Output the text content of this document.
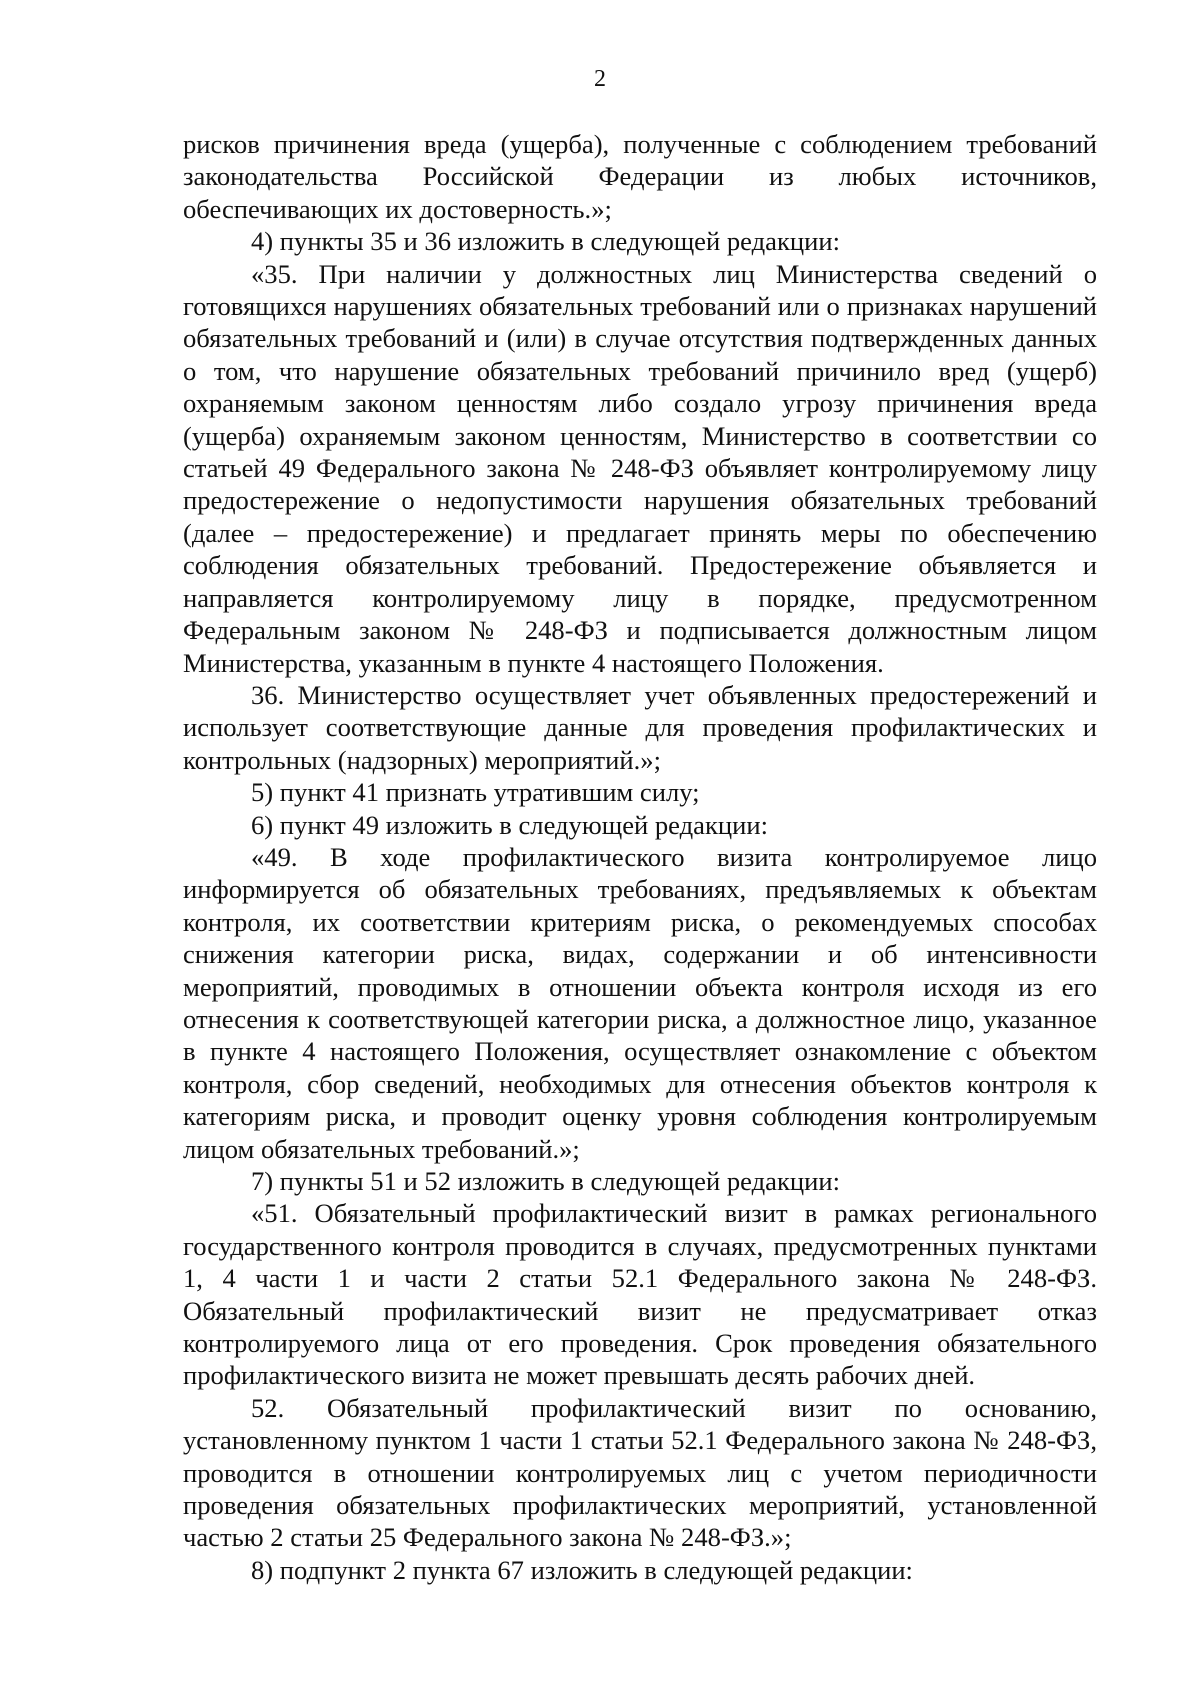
2

рисков причинения вреда (ущерба), полученные с соблюдением требований законодательства Российской Федерации из любых источников, обеспечивающих их достоверность.»;

4) пункты 35 и 36 изложить в следующей редакции:

«35. При наличии у должностных лиц Министерства сведений о готовящихся нарушениях обязательных требований или о признаках нарушений обязательных требований и (или) в случае отсутствия подтвержденных данных о том, что нарушение обязательных требований причинило вред (ущерб) охраняемым законом ценностям либо создало угрозу причинения вреда (ущерба) охраняемым законом ценностям, Министерство в соответствии со статьей 49 Федерального закона № 248-ФЗ объявляет контролируемому лицу предостережение о недопустимости нарушения обязательных требований (далее – предостережение) и предлагает принять меры по обеспечению соблюдения обязательных требований. Предостережение объявляется и направляется контролируемому лицу в порядке, предусмотренном Федеральным законом № 248-ФЗ и подписывается должностным лицом Министерства, указанным в пункте 4 настоящего Положения.

36. Министерство осуществляет учет объявленных предостережений и использует соответствующие данные для проведения профилактических и контрольных (надзорных) мероприятий.»;

5) пункт 41 признать утратившим силу;

6) пункт 49 изложить в следующей редакции:

«49. В ходе профилактического визита контролируемое лицо информируется об обязательных требованиях, предъявляемых к объектам контроля, их соответствии критериям риска, о рекомендуемых способах снижения категории риска, видах, содержании и об интенсивности мероприятий, проводимых в отношении объекта контроля исходя из его отнесения к соответствующей категории риска, а должностное лицо, указанное в пункте 4 настоящего Положения, осуществляет ознакомление с объектом контроля, сбор сведений, необходимых для отнесения объектов контроля к категориям риска, и проводит оценку уровня соблюдения контролируемым лицом обязательных требований.»;

7) пункты 51 и 52 изложить в следующей редакции:

«51. Обязательный профилактический визит в рамках регионального государственного контроля проводится в случаях, предусмотренных пунктами 1, 4 части 1 и части 2 статьи 52.1 Федерального закона № 248-ФЗ. Обязательный профилактический визит не предусматривает отказ контролируемого лица от его проведения. Срок проведения обязательного профилактического визита не может превышать десять рабочих дней.

52. Обязательный профилактический визит по основанию, установленному пунктом 1 части 1 статьи 52.1 Федерального закона № 248-ФЗ, проводится в отношении контролируемых лиц с учетом периодичности проведения обязательных профилактических мероприятий, установленной частью 2 статьи 25 Федерального закона № 248-ФЗ.»;

8) подпункт 2 пункта 67 изложить в следующей редакции:
